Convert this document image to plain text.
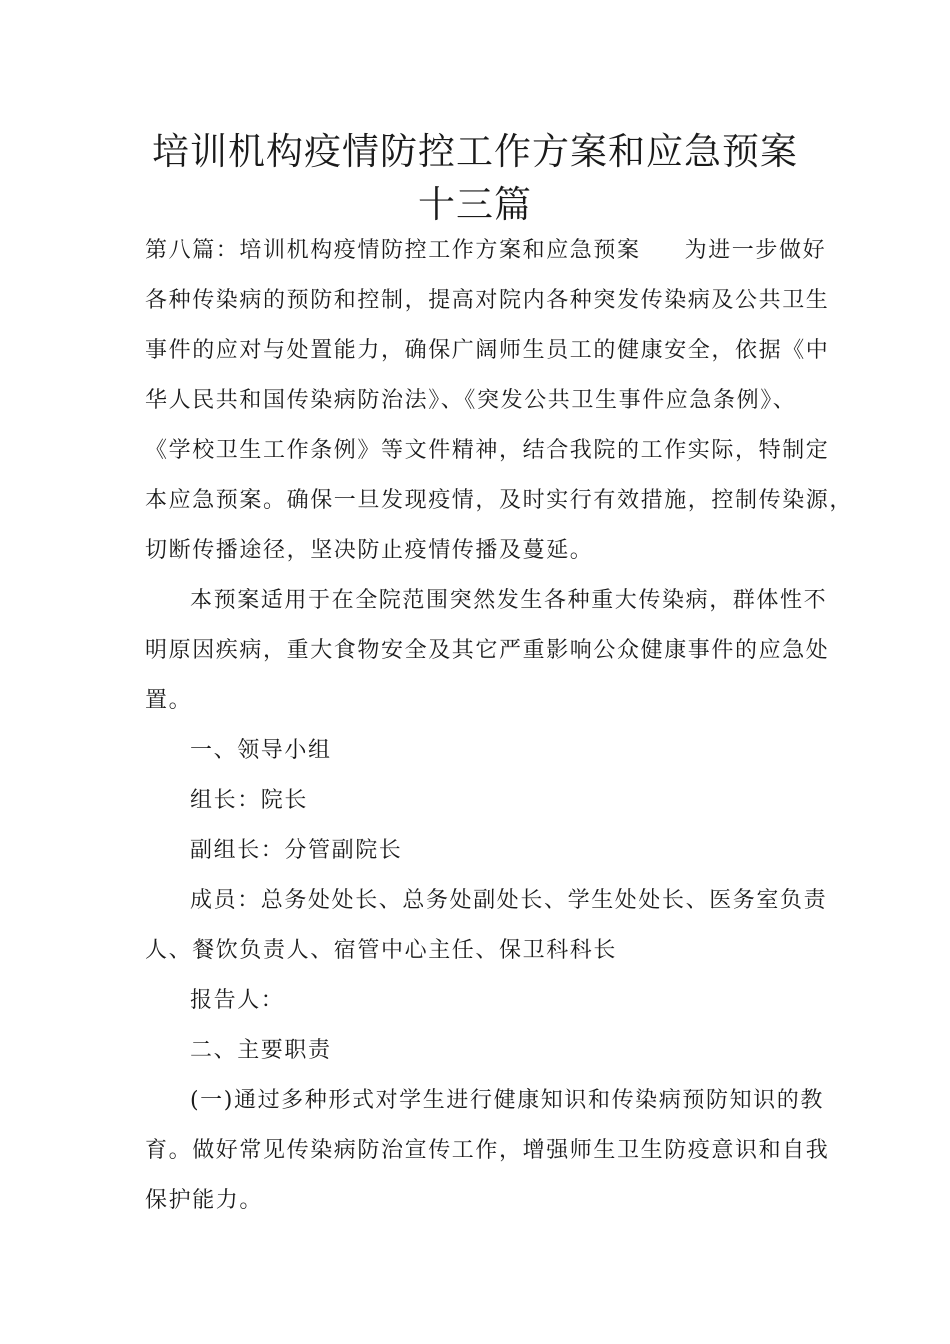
培训机构疫情防控工作方案和应急预案
十三篇

第八篇：培训机构疫情防控工作方案和应急预案 为进一步做好

各种传染病的预防和控制，提高对院内各种突发传染病及公共卫生

事件的应对与处置能力，确保广阔师生员工的健康安全，依据《中

华人民共和国传染病防治法》、《突发公共卫生事件应急条例》、

《学校卫生工作条例》等文件精神，结合我院的工作实际，特制定

本应急预案。确保一旦发现疫情，及时实行有效措施，控制传染源，

切断传播途径，坚决防止疫情传播及蔓延。

本预案适用于在全院范围突然发生各种重大传染病，群体性不

明原因疾病，重大食物安全及其它严重影响公众健康事件的应急处

置。

一、领导小组

组长：院长

副组长：分管副院长

成员：总务处处长、总务处副处长、学生处处长、医务室负责

人、餐饮负责人、宿管中心主任、保卫科科长

报告人：

二、主要职责

(一)通过多种形式对学生进行健康知识和传染病预防知识的教

育。做好常见传染病防治宣传工作，增强师生卫生防疫意识和自我

保护能力。
